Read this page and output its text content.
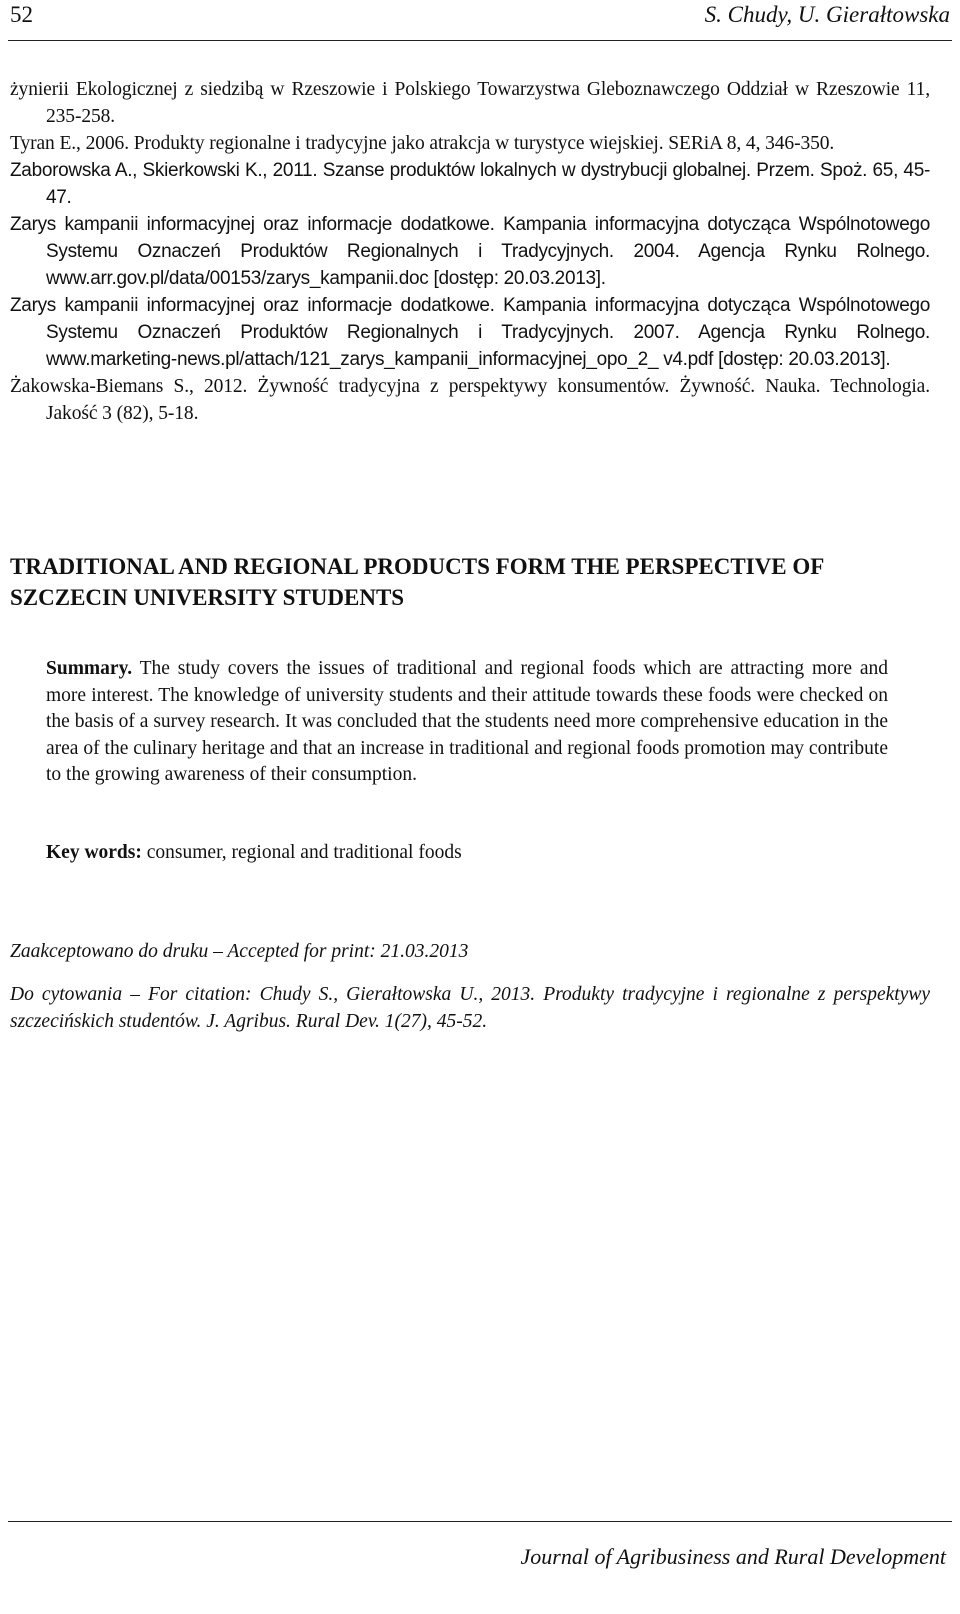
52	S. Chudy, U. Gierałtowska
żynierii Ekologicznej z siedzibą w Rzeszowie i Polskiego Towarzystwa Gleboznawczego Oddział w Rzeszowie 11, 235-258.
Tyran E., 2006. Produkty regionalne i tradycyjne jako atrakcja w turystyce wiejskiej. SERiA 8, 4, 346-350.
Zaborowska A., Skierkowski K., 2011. Szanse produktów lokalnych w dystrybucji globalnej. Przem. Spoż. 65, 45-47.
Zarys kampanii informacyjnej oraz informacje dodatkowe. Kampania informacyjna dotycząca Wspólnotowego Systemu Oznaczeń Produktów Regionalnych i Tradycyjnych. 2004. Agencja Rynku Rolnego. www.arr.gov.pl/data/00153/zarys_kampanii.doc [dostęp: 20.03.2013].
Zarys kampanii informacyjnej oraz informacje dodatkowe. Kampania informacyjna dotycząca Wspólnotowego Systemu Oznaczeń Produktów Regionalnych i Tradycyjnych. 2007. Agencja Rynku Rolnego. www.marketing-news.pl/attach/121_zarys_kampanii_informacyjnej_opo_2_ v4.pdf [dostęp: 20.03.2013].
Żakowska-Biemans S., 2012. Żywność tradycyjna z perspektywy konsumentów. Żywność. Nauka. Technologia. Jakość 3 (82), 5-18.
TRADITIONAL AND REGIONAL PRODUCTS FORM THE PERSPECTIVE OF SZCZECIN UNIVERSITY STUDENTS

Summary. The study covers the issues of traditional and regional foods which are attracting more and more interest. The knowledge of university students and their attitude towards these foods were checked on the basis of a survey research. It was concluded that the students need more comprehensive education in the area of the culinary heritage and that an increase in traditional and regional foods promotion may contribute to the growing awareness of their consumption.

Key words: consumer, regional and traditional foods

Zaakceptowano do druku – Accepted for print: 21.03.2013

Do cytowania – For citation: Chudy S., Gierałtowska U., 2013. Produkty tradycyjne i regionalne z perspektywy szczecińskich studentów. J. Agribus. Rural Dev. 1(27), 45-52.

Journal of Agribusiness and Rural Development
